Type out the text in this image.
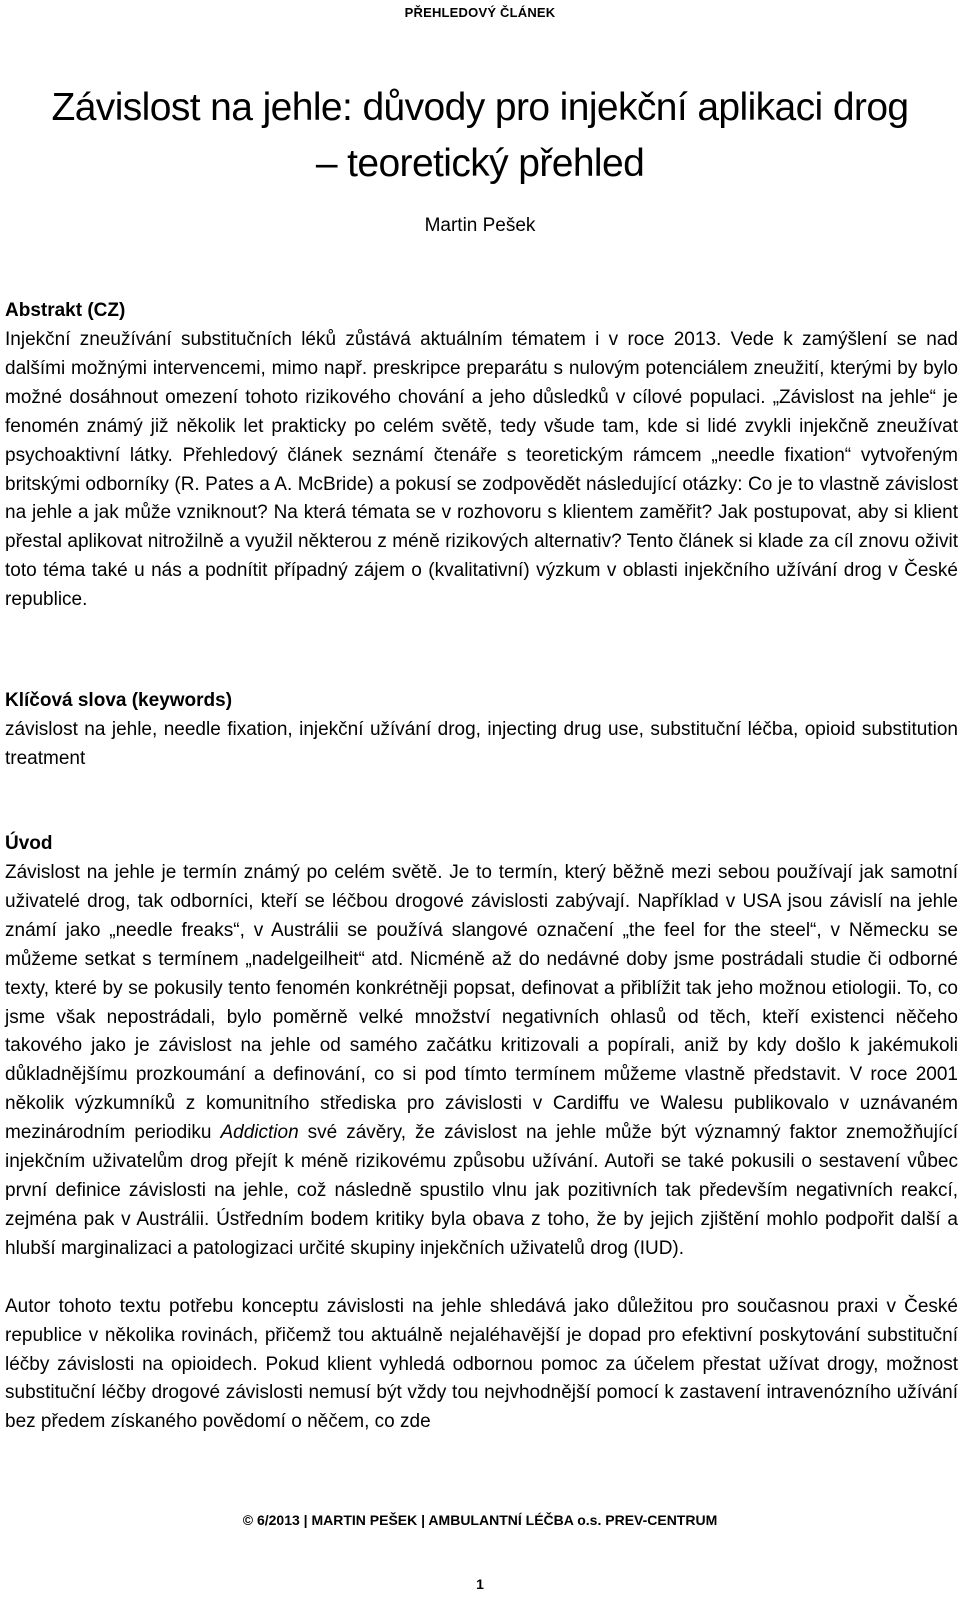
PŘEHLEDOVÝ ČLÁNEK
Závislost na jehle: důvody pro injekční aplikaci drog
– teoretický přehled
Martin Pešek
Abstrakt (CZ)

Injekční zneužívání substitučních léků zůstává aktuálním tématem i v roce 2013. Vede k zamýšlení se nad dalšími možnými intervencemi, mimo např. preskripce preparátu s nulovým potenciálem zneužití, kterými by bylo možné dosáhnout omezení tohoto rizikového chování a jeho důsledků v cílové populaci. „Závislost na jehle“ je fenomén známý již několik let prakticky po celém světě, tedy všude tam, kde si lidé zvykli injekčně zneužívat psychoaktivní látky. Přehledový článek seznámí čtenáře s teoretickým rámcem „needle fixation“ vytvořeným britskými odborníky (R. Pates a A. McBride) a pokusí se zodpovědět následující otázky: Co je to vlastně závislost na jehle a jak může vzniknout? Na která témata se v rozhovoru s klientem zaměřit? Jak postupovat, aby si klient přestal aplikovat nitrožilně a využil některou z méně rizikových alternativ? Tento článek si klade za cíl znovu oživit toto téma také u nás a podnítit případný zájem o (kvalitativní) výzkum v oblasti injekčního užívání drog v České republice.

Klíčová slova (keywords)

závislost na jehle, needle fixation, injekční užívání drog, injecting drug use, substituční léčba, opioid substitution treatment

Úvod

Závislost na jehle je termín známý po celém světě. Je to termín, který běžně mezi sebou používají jak samotní uživatelé drog, tak odborníci, kteří se léčbou drogové závislosti zabývají. Například v USA jsou závislí na jehle známí jako „needle freaks“, v Austrálii se používá slangové označení „the feel for the steel“, v Německu se můžeme setkat s termínem „nadelgeilheit“ atd. Nicméně až do nedávné doby jsme postrádali studie či odborné texty, které by se pokusily tento fenomén konkrétněji popsat, definovat a přiblížit tak jeho možnou etiologii. To, co jsme však nepostrádali, bylo poměrně velké množství negativních ohlasů od těch, kteří existenci něčeho takového jako je závislost na jehle od samého začátku kritizovali a popírali, aniž by kdy došlo k jakémukoli důkladnějšímu prozkoumání a definování, co si pod tímto termínem můžeme vlastně představit. V roce 2001 několik výzkumníků z komunitního střediska pro závislosti v Cardiffu ve Walesu publikovalo v uznávaném mezinárodním periodiku Addiction své závěry, že závislost na jehle může být významný faktor znemožňující injekčním uživatelům drog přejít k méně rizikovému způsobu užívání. Autoři se také pokusili o sestavení vůbec první definice závislosti na jehle, což následně spustilo vlnu jak pozitivních tak především negativních reakcí, zejména pak v Austrálii. Ústředním bodem kritiky byla obava z toho, že by jejich zjištění mohlo podpořit další a hlubší marginalizaci a patologizaci určité skupiny injekčních uživatelů drog (IUD).

Autor tohoto textu potřebu konceptu závislosti na jehle shledává jako důležitou pro současnou praxi v České republice v několika rovinách, přičemž tou aktuálně nejaléhavější je dopad pro efektivní poskytování substituční léčby závislosti na opioidech. Pokud klient vyhledá odbornou pomoc za účelem přestat užívat drogy, možnost substituční léčby drogové závislosti nemusí být vždy tou nejvhodnější pomocí k zastavení intravenózního užívání bez předem získaného povědomí o něčem, co zde

© 6/2013 | MARTIN PEŠEK | AMBULANTNÍ LÉČBA o.s. PREV-CENTRUM
1
